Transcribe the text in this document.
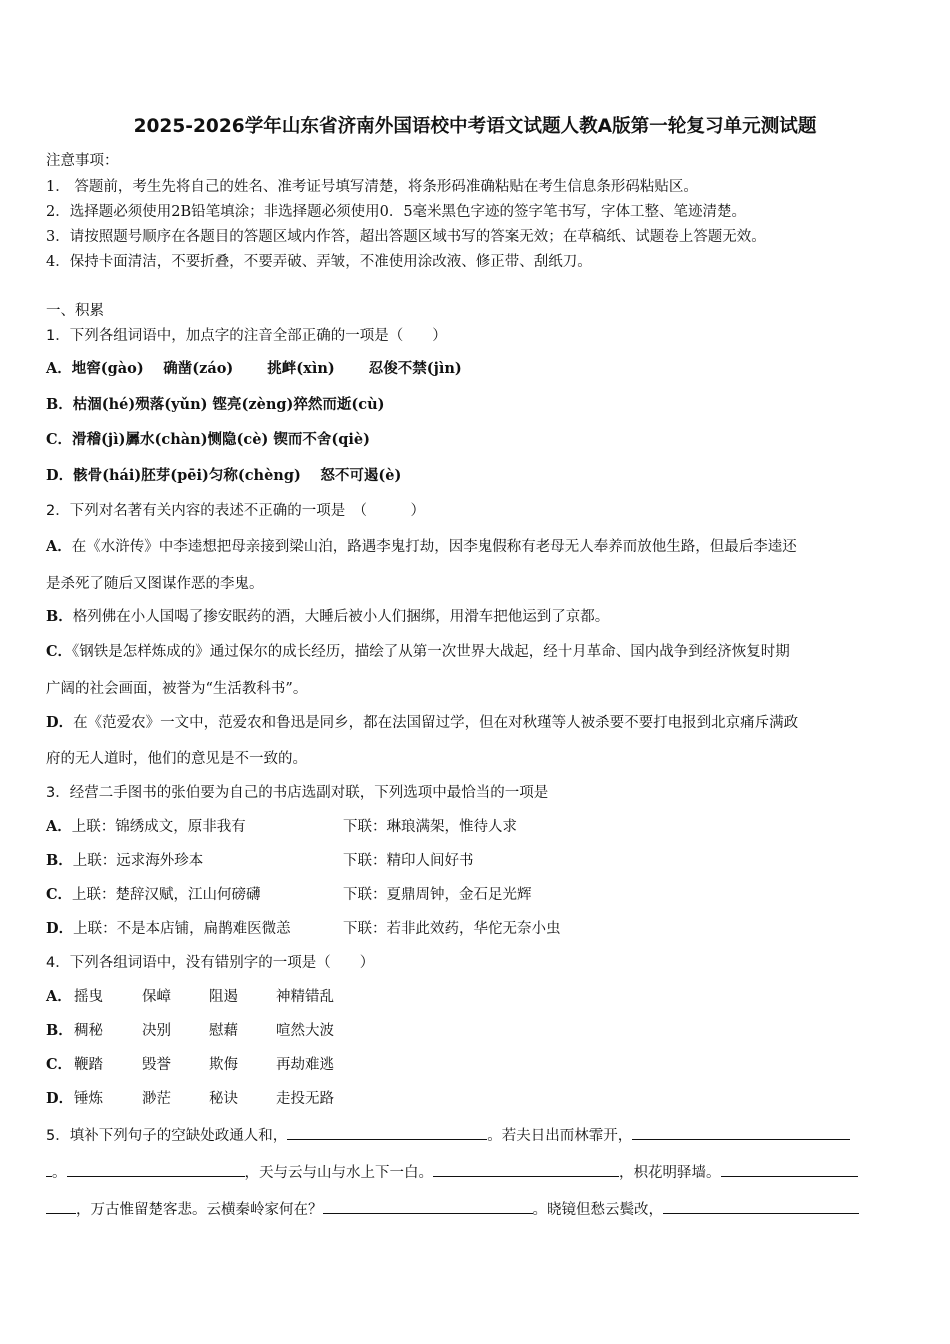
2025-2026学年山东省济南外国语校中考语文试题人教A版第一轮复习单元测试题
注意事项：
1． 答题前，考生先将自己的姓名、准考证号填写清楚，将条形码准确粘贴在考生信息条形码粘贴区。
2．选择题必须使用2B铅笔填涂；非选择题必须使用0．5毫米黑色字迹的签字笔书写，字体工整、笔迹清楚。
3．请按照题号顺序在各题目的答题区域内作答，超出答题区域书写的答案无效；在草稿纸、试题卷上答题无效。
4．保持卡面清洁，不要折叠，不要弄破、弄皱，不准使用涂改液、修正带、刮纸刀。
一、积累
1．下列各组词语中，加点字的注音全部正确的一项是（　　）
A．地窖(gào)　 确凿(záo)　　 挑衅(xìn)　　 忍俊不禁(jìn)
B．枯涸(hé)殒落(yǔn) 铿亮(zèng)猝然而逝(cù)
C．滑稽(jì)羼水(chàn)恻隐(cè) 锲而不舍(qiè)
D．骸骨(hái)胚芽(pēi)匀称(chèng)　 怒不可遏(è)
2．下列对名著有关内容的表述不正确的一项是　（　　　）
A．在《水浒传》中李逵想把母亲接到梁山泊，路遇李鬼打劫，因李鬼假称有老母无人奉养而放他生路，但最后李逵还
是杀死了随后又图谋作恶的李鬼。
B．格列佛在小人国喝了掺安眠药的酒，大睡后被小人们捆绑，用滑车把他运到了京都。
C．《钢铁是怎样炼成的》通过保尔的成长经历，描绘了从第一次世界大战起，经十月革命、国内战争到经济恢复时期
广阔的社会画面，被誉为“生活教科书”。
D．在《范爱农》一文中，范爱农和鲁迅是同乡，都在法国留过学，但在对秋瑾等人被杀要不要打电报到北京痛斥满政
府的无人道时，他们的意见是不一致的。
3．经营二手图书的张伯要为自己的书店选副对联，下列选项中最恰当的一项是
A．上联：锦绣成文，原非我有	下联：琳琅满架，惟待人求
B．上联：远求海外珍本	下联：精印人间好书
C．上联：楚辞汉赋，江山何磅礴	下联：夏鼎周钟，金石足光辉
D．上联：不是本店铺，扁鹊难医微恙	下联：若非此效药，华佗无奈小虫
4．下列各组词语中，没有错别字的一项是（　　）
A． 摇曳	保嶂	阻遏	神精错乱
B． 稠秘	决别	慰藉	喧然大波
C． 鞭踏	毁誉	欺侮	再劫难逃
D． 锤炼	渺茫	秘诀	走投无路
5．填补下列句子的空缺处政通人和，	。若夫日出而林霏开，
。	，天与云与山与水上下一白。	，枳花明驿墙。
，万古惟留楚客悲。云横秦岭家何在？	。晓镜但愁云鬓改，
